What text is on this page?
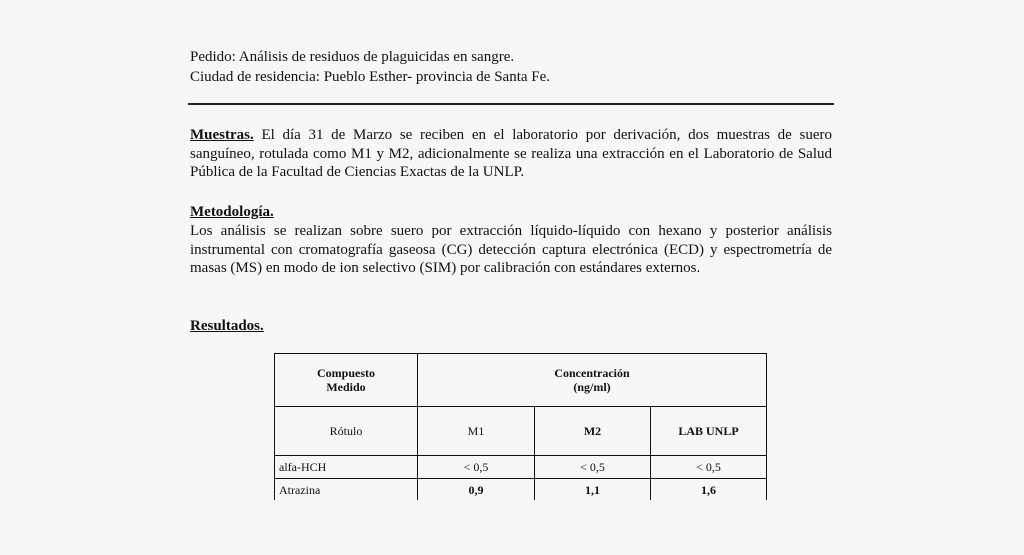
Pedido: Análisis de residuos de plaguicidas en sangre.
Ciudad de residencia: Pueblo Esther- provincia de Santa Fe.
Muestras. El día 31 de Marzo se reciben en el laboratorio por derivación, dos muestras de suero sanguíneo, rotulada como M1 y M2, adicionalmente se realiza una extracción en el Laboratorio de Salud Pública de la Facultad de Ciencias Exactas de la UNLP.
Metodología.
Los análisis se realizan sobre suero por extracción líquido-líquido con hexano y posterior análisis instrumental con cromatografía gaseosa (CG) detección captura electrónica (ECD) y espectrometría de masas (MS) en modo de ion selectivo (SIM) por calibración con estándares externos.
Resultados.
Compuesto Medido	Concentración
(ng/ml)		
Rótulo	M1	M2	LAB UNLP
alfa-HCH	< 0,5	< 0,5	< 0,5
Atrazina	0,9	1,1	1,6
